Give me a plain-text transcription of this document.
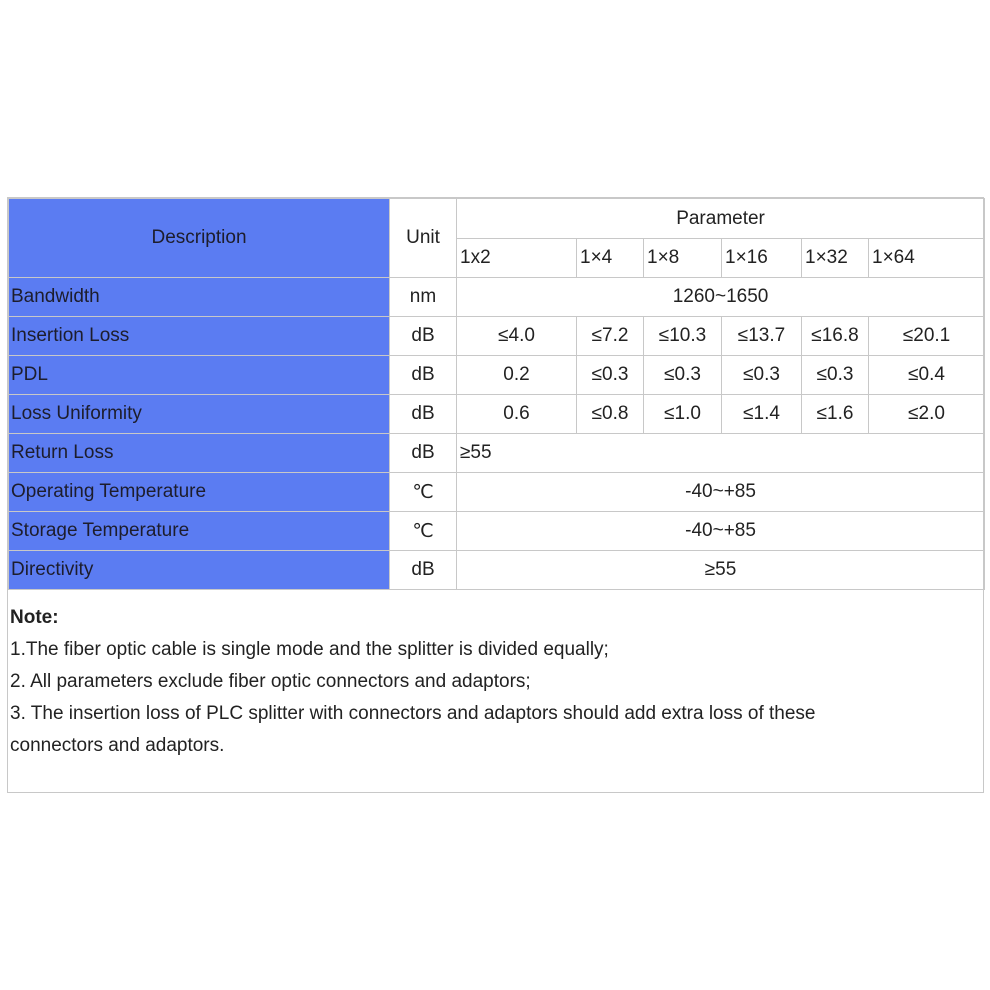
Description	Unit	Parameter					
		1x2	1×4	1×8	1×16	1×32	1×64
Bandwidth	nm	1260~1650					
Insertion Loss	dB	≤4.0	≤7.2	≤10.3	≤13.7	≤16.8	≤20.1
PDL	dB	0.2	≤0.3	≤0.3	≤0.3	≤0.3	≤0.4
Loss Uniformity	dB	0.6	≤0.8	≤1.0	≤1.4	≤1.6	≤2.0
Return Loss	dB	≥55					
Operating Temperature	℃	-40~+85					
Storage Temperature	℃	-40~+85					
Directivity	dB	≥55					
Note:
1.The fiber optic cable is single mode and the splitter is divided equally;
2. All parameters exclude fiber optic connectors and adaptors;
3. The insertion loss of PLC splitter with connectors and adaptors should add extra loss of these
connectors and adaptors.
